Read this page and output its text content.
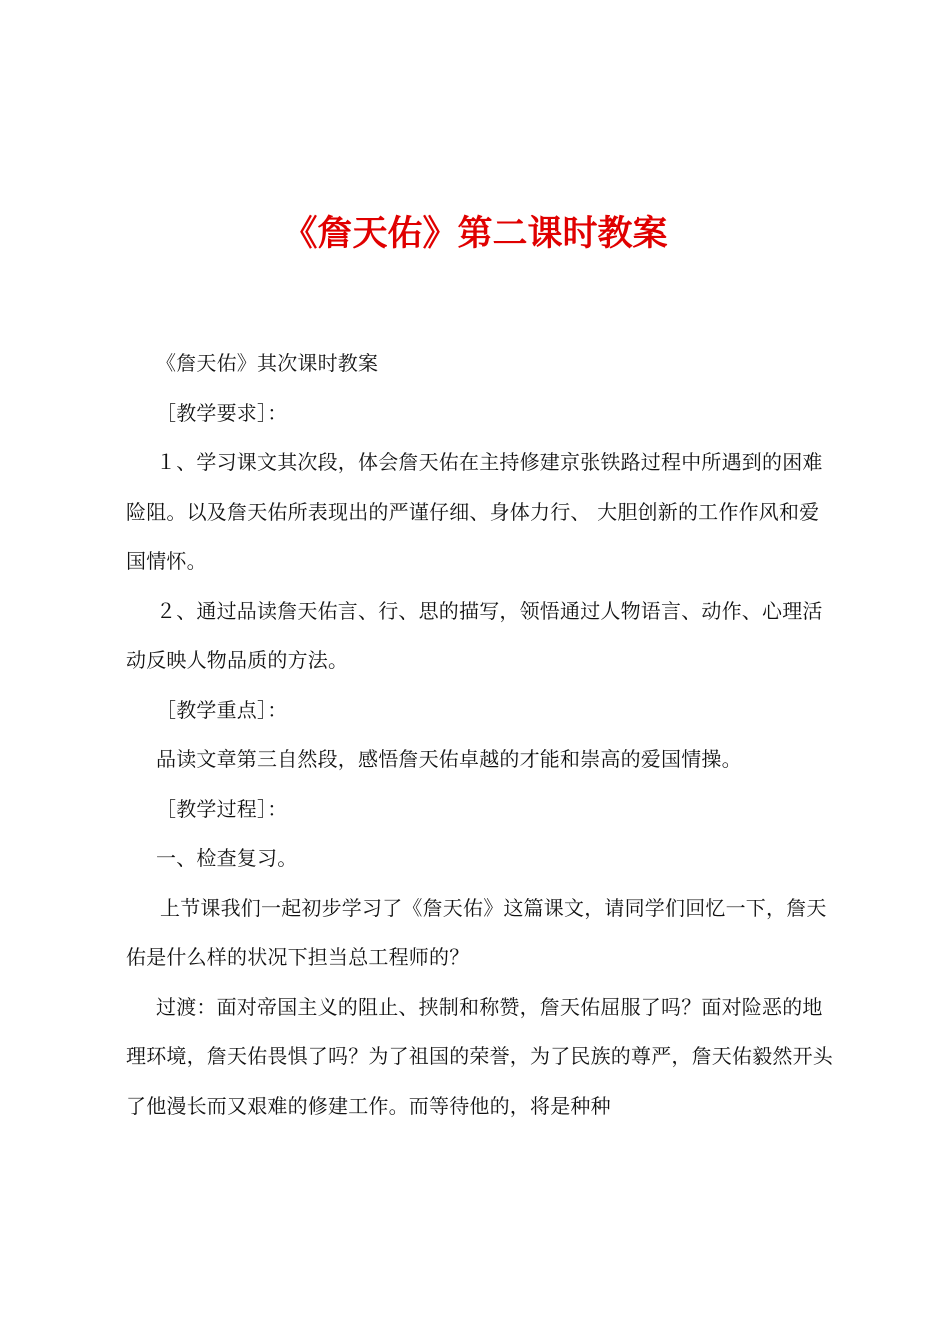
《詹天佑》第二课时教案

《詹天佑》其次课时教案

［教学要求］：

１、学习课文其次段，体会詹天佑在主持修建京张铁路过程中所遇到的困难险阻。以及詹天佑所表现出的严谨仔细、身体力行、 大胆创新的工作作风和爱国情怀。

２、通过品读詹天佑言、行、思的描写，领悟通过人物语言、动作、心理活动反映人物品质的方法。

［教学重点］：

品读文章第三自然段，感悟詹天佑卓越的才能和崇高的爱国情操。

［教学过程］：

一、检查复习。

上节课我们一起初步学习了《詹天佑》这篇课文，请同学们回忆一下，詹天佑是什么样的状况下担当总工程师的？

过渡：面对帝国主义的阻止、挟制和称赞，詹天佑屈服了吗？面对险恶的地理环境，詹天佑畏惧了吗？为了祖国的荣誉，为了民族的尊严，詹天佑毅然开头了他漫长而又艰难的修建工作。而等待他的，将是种种
